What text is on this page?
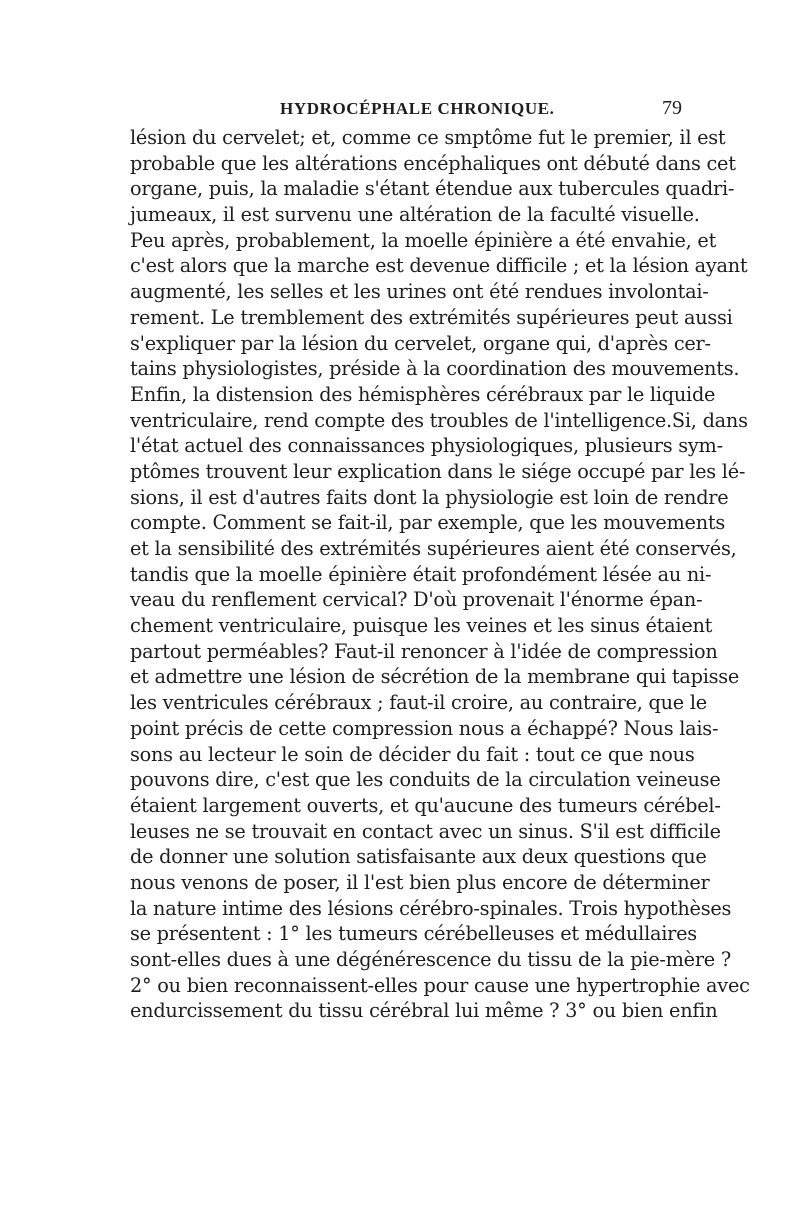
HYDROCÉPHALE CHRONIQUE.	79
lésion du cervelet; et, comme ce smptôme fut le premier, il est
probable que les altérations encéphaliques ont débuté dans cet
organe, puis, la maladie s'étant étendue aux tubercules quadri-
jumeaux, il est survenu une altération de la faculté visuelle.
Peu après, probablement, la moelle épinière a été envahie, et
c'est alors que la marche est devenue difficile ; et la lésion ayant
augmenté, les selles et les urines ont été rendues involontai-
rement. Le tremblement des extrémités supérieures peut aussi
s'expliquer par la lésion du cervelet, organe qui, d'après cer-
tains physiologistes, préside à la coordination des mouvements.
Enfin, la distension des hémisphères cérébraux par le liquide
ventriculaire, rend compte des troubles de l'intelligence.Si, dans
l'état actuel des connaissances physiologiques, plusieurs sym-
ptômes trouvent leur explication dans le siége occupé par les lé-
sions, il est d'autres faits dont la physiologie est loin de rendre
compte. Comment se fait-il, par exemple, que les mouvements
et la sensibilité des extrémités supérieures aient été conservés,
tandis que la moelle épinière était profondément lésée au ni-
veau du renflement cervical? D'où provenait l'énorme épan-
chement ventriculaire, puisque les veines et les sinus étaient
partout perméables? Faut-il renoncer à l'idée de compression
et admettre une lésion de sécrétion de la membrane qui tapisse
les ventricules cérébraux ; faut-il croire, au contraire, que le
point précis de cette compression nous a échappé? Nous lais-
sons au lecteur le soin de décider du fait : tout ce que nous
pouvons dire, c'est que les conduits de la circulation veineuse
étaient largement ouverts, et qu'aucune des tumeurs cérébel-
leuses ne se trouvait en contact avec un sinus. S'il est difficile
de donner une solution satisfaisante aux deux questions que
nous venons de poser, il l'est bien plus encore de déterminer
la nature intime des lésions cérébro-spinales. Trois hypothèses
se présentent : 1° les tumeurs cérébelleuses et médullaires
sont-elles dues à une dégénérescence du tissu de la pie-mère ?
2° ou bien reconnaissent-elles pour cause une hypertrophie avec
endurcissement du tissu cérébral lui même ? 3° ou bien enfin
